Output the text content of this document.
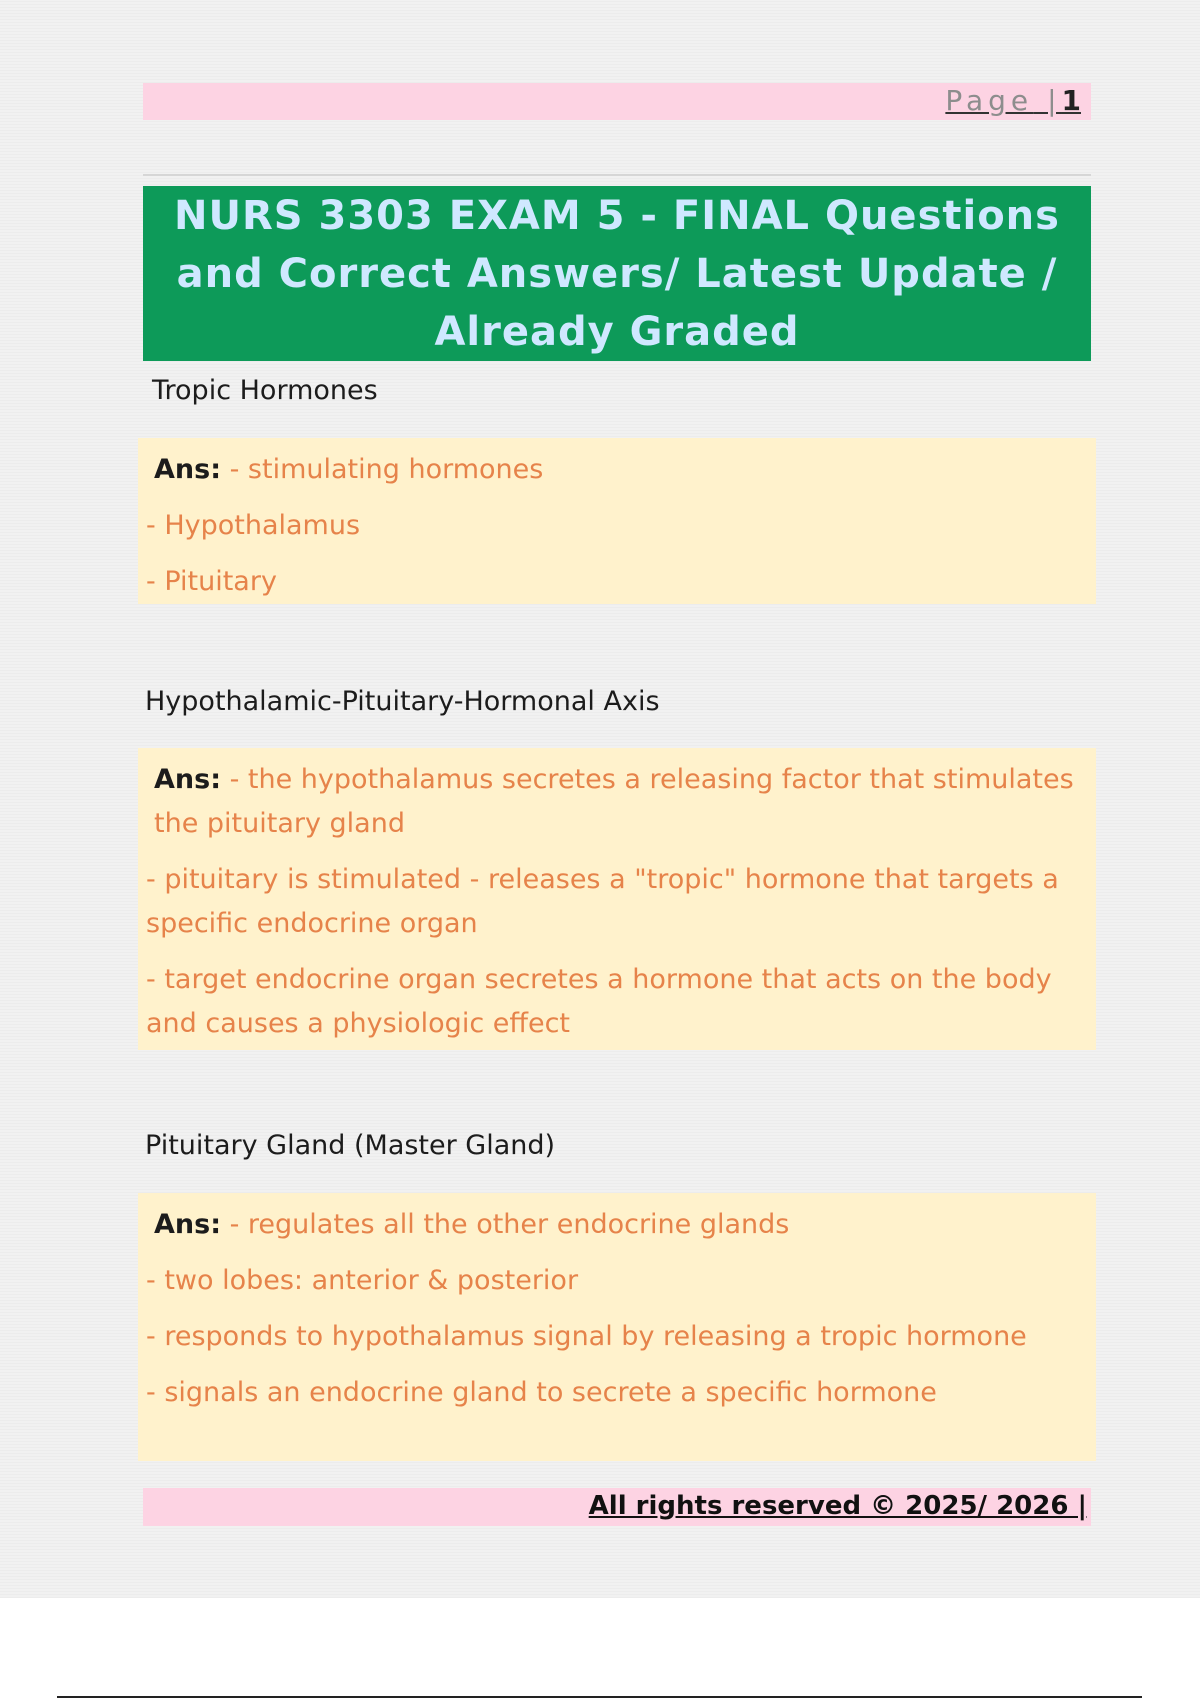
Page |1
NURS 3303 EXAM 5 - FINAL Questions and Correct Answers/ Latest Update / Already Graded
Tropic Hormones
Ans: - stimulating hormones
- Hypothalamus
- Pituitary
Hypothalamic-Pituitary-Hormonal Axis
Ans: - the hypothalamus secretes a releasing factor that stimulates the pituitary gland
- pituitary is stimulated - releases a "tropic" hormone that targets a specific endocrine organ
- target endocrine organ secretes a hormone that acts on the body and causes a physiologic effect
Pituitary Gland (Master Gland)
Ans: - regulates all the other endocrine glands
- two lobes: anterior & posterior
- responds to hypothalamus signal by releasing a tropic hormone
- signals an endocrine gland to secrete a specific hormone
All rights reserved © 2025/ 2026 |
